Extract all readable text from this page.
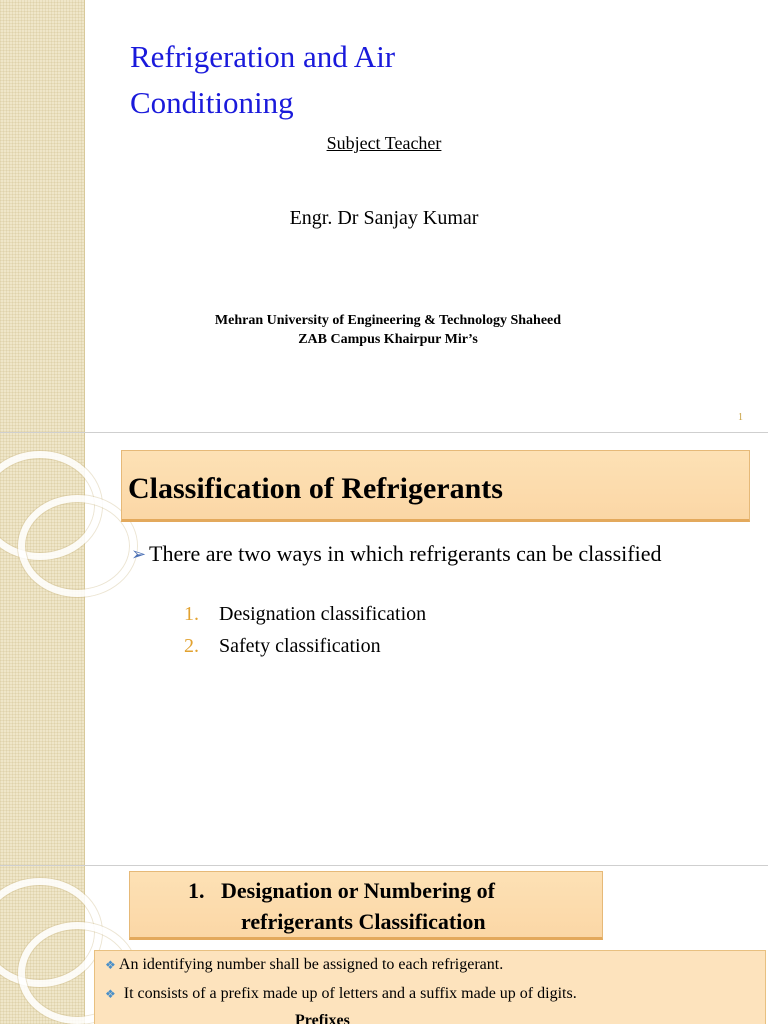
Refrigeration and Air Conditioning
Subject Teacher
Engr. Dr Sanjay Kumar
Mehran University of Engineering & Technology Shaheed
ZAB Campus Khairpur Mir’s
1
Classification of Refrigerants
➢ There are two ways in which refrigerants can be classified
1. Designation classification
2. Safety classification
1. Designation or Numbering of
refrigerants Classification
❖ An identifying number shall be assigned to each refrigerant.
❖ It consists of a prefix made up of letters and a suffix made up of digits.
Prefixes
